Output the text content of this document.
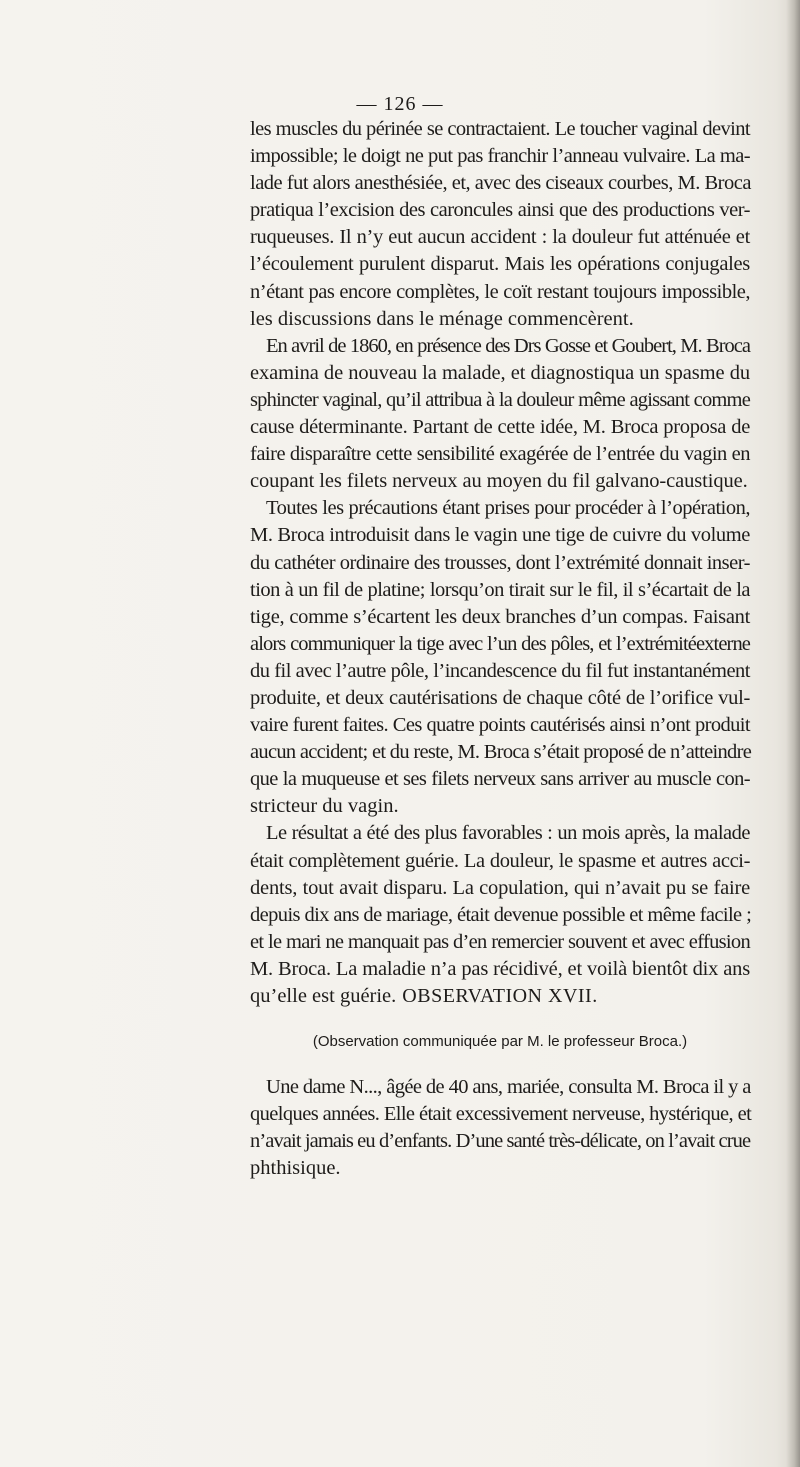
— 126 —

les muscles du périnée se contractaient. Le toucher vaginal devint
impossible; le doigt ne put pas franchir l’anneau vulvaire. La ma-
lade fut alors anesthésiée, et, avec des ciseaux courbes, M. Broca
pratiqua l’excision des caroncules ainsi que des productions ver-
ruqueuses. Il n’y eut aucun accident : la douleur fut atténuée et
l’écoulement purulent disparut. Mais les opérations conjugales
n’étant pas encore complètes, le coït restant toujours impossible,
les discussions dans le ménage commencèrent.

En avril de 1860, en présence des Drs Gosse et Goubert, M. Broca
examina de nouveau la malade, et diagnostiqua un spasme du
sphincter vaginal, qu’il attribua à la douleur même agissant comme
cause déterminante. Partant de cette idée, M. Broca proposa de
faire disparaître cette sensibilité exagérée de l’entrée du vagin en
coupant les filets nerveux au moyen du fil galvano-caustique.

Toutes les précautions étant prises pour procéder à l’opération,
M. Broca introduisit dans le vagin une tige de cuivre du volume
du cathéter ordinaire des trousses, dont l’extrémité donnait inser-
tion à un fil de platine; lorsqu’on tirait sur le fil, il s’écartait de la
tige, comme s’écartent les deux branches d’un compas. Faisant
alors communiquer la tige avec l’un des pôles, et l’extrémitéexterne
du fil avec l’autre pôle, l’incandescence du fil fut instantanément
produite, et deux cautérisations de chaque côté de l’orifice vul-
vaire furent faites. Ces quatre points cautérisés ainsi n’ont produit
aucun accident; et du reste, M. Broca s’était proposé de n’atteindre
que la muqueuse et ses filets nerveux sans arriver au muscle con-
stricteur du vagin.

Le résultat a été des plus favorables : un mois après, la malade
était complètement guérie. La douleur, le spasme et autres acci-
dents, tout avait disparu. La copulation, qui n’avait pu se faire
depuis dix ans de mariage, était devenue possible et même facile ;
et le mari ne manquait pas d’en remercier souvent et avec effusion
M. Broca. La maladie n’a pas récidivé, et voilà bientôt dix ans
qu’elle est guérie. OBSERVATION XVII.
(Observation communiquée par M. le professeur Broca.)

Une dame N..., âgée de 40 ans, mariée, consulta M. Broca il y a
quelques années. Elle était excessivement nerveuse, hystérique, et
n’avait jamais eu d’enfants. D’une santé très-délicate, on l’avait crue
phthisique.
